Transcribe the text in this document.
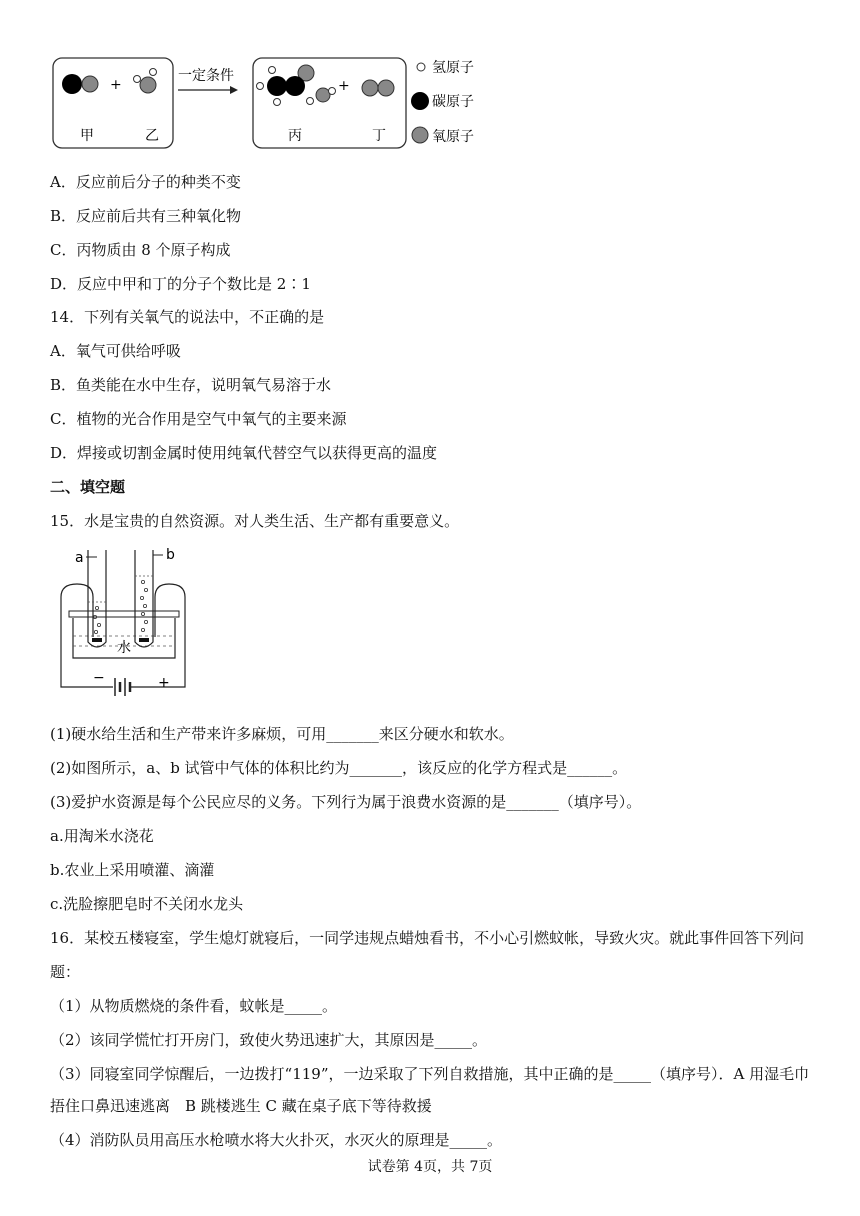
+
甲	乙
一定条件
+
丙	丁
氢原子
碳原子
氧原子
A．反应前后分子的种类不变
B．反应前后共有三种氧化物
C．丙物质由 8 个原子构成
D．反应中甲和丁的分子个数比是 2∶1
14．下列有关氧气的说法中，不正确的是
A．氧气可供给呼吸
B．鱼类能在水中生存，说明氧气易溶于水
C．植物的光合作用是空气中氧气的主要来源
D．焊接或切割金属时使用纯氧代替空气以获得更高的温度
二、填空题
15．水是宝贵的自然资源。对人类生活、生产都有重要意义。
a	b
−	+
水
(1)硬水给生活和生产带来许多麻烦，可用_______来区分硬水和软水。
(2)如图所示，a、b 试管中气体的体积比约为_______，该反应的化学方程式是______。
(3)爱护水资源是每个公民应尽的义务。下列行为属于浪费水资源的是_______（填序号）。
a.用淘米水浇花
b.农业上采用喷灌、滴灌
c.洗脸擦肥皂时不关闭水龙头
16．某校五楼寝室，学生熄灯就寝后，一同学违规点蜡烛看书，不小心引燃蚊帐，导致火灾。就此事件回答下列问
题：
（1）从物质燃烧的条件看，蚊帐是_____。
（2）该同学慌忙打开房门，致使火势迅速扩大，其原因是_____。
（3）同寝室同学惊醒后，一边拨打“119”，一边采取了下列自救措施，其中正确的是_____（填序号）．A 用湿毛巾
捂住口鼻迅速逃离　B 跳楼逃生 C 藏在桌子底下等待救援
（4）消防队员用高压水枪喷水将大火扑灭，水灭火的原理是_____。
试卷第 4页，共 7页
